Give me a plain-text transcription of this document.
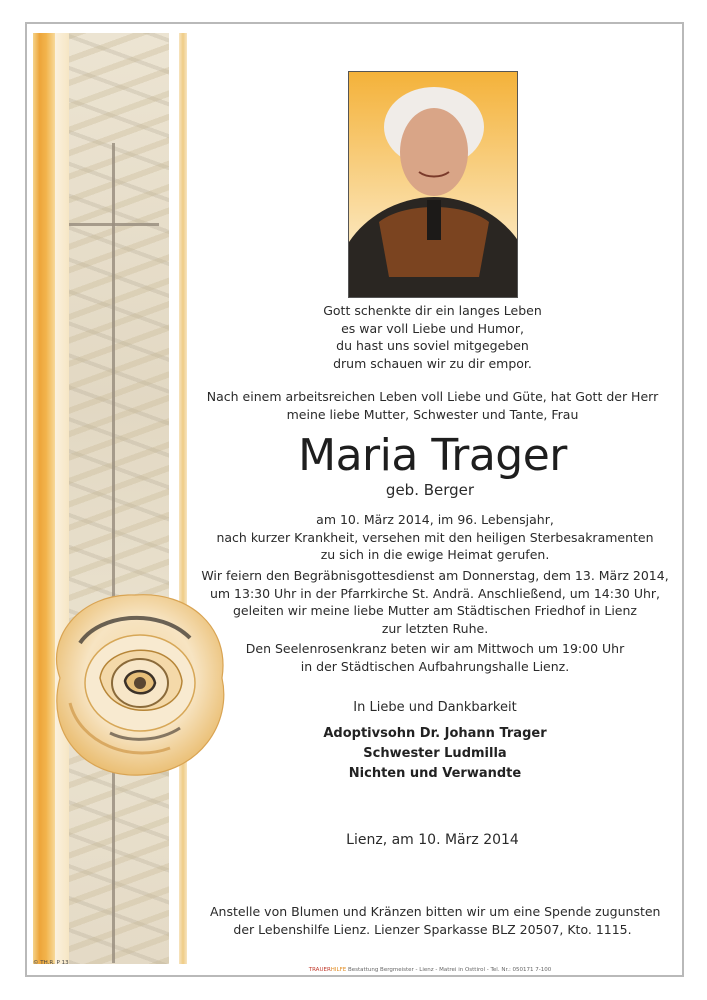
Gott schenkte dir ein langes Leben
es war voll Liebe und Humor,
du hast uns soviel mitgegeben
drum schauen wir zu dir empor.
Nach einem arbeitsreichen Leben voll Liebe und Güte, hat Gott der Herr
meine liebe Mutter, Schwester und Tante, Frau
Maria Trager
geb. Berger
am 10. März 2014, im 96. Lebensjahr,
nach kurzer Krankheit, versehen mit den heiligen Sterbesakramenten
zu sich in die ewige Heimat gerufen.
Wir feiern den Begräbnisgottesdienst am Donnerstag, dem 13. März 2014,
um 13:30 Uhr in der Pfarrkirche St. Andrä. Anschließend, um 14:30 Uhr,
geleiten wir meine liebe Mutter am Städtischen Friedhof in Lienz
zur letzten Ruhe.
Den Seelenrosenkranz beten wir am Mittwoch um 19:00 Uhr
in der Städtischen Aufbahrungshalle Lienz.
In Liebe und Dankbarkeit
Adoptivsohn Dr. Johann Trager
Schwester Ludmilla
Nichten und Verwandte
Lienz, am 10. März 2014
Anstelle von Blumen und Kränzen bitten wir um eine Spende zugunsten
der Lebenshilfe Lienz. Lienzer Sparkasse BLZ 20507, Kto. 1115.
© TH.R. P 13
TRAUERHILFE Bestattung Bergmeister - Lienz - Matrei in Osttirol - Tel. Nr.: 050171 7-100
